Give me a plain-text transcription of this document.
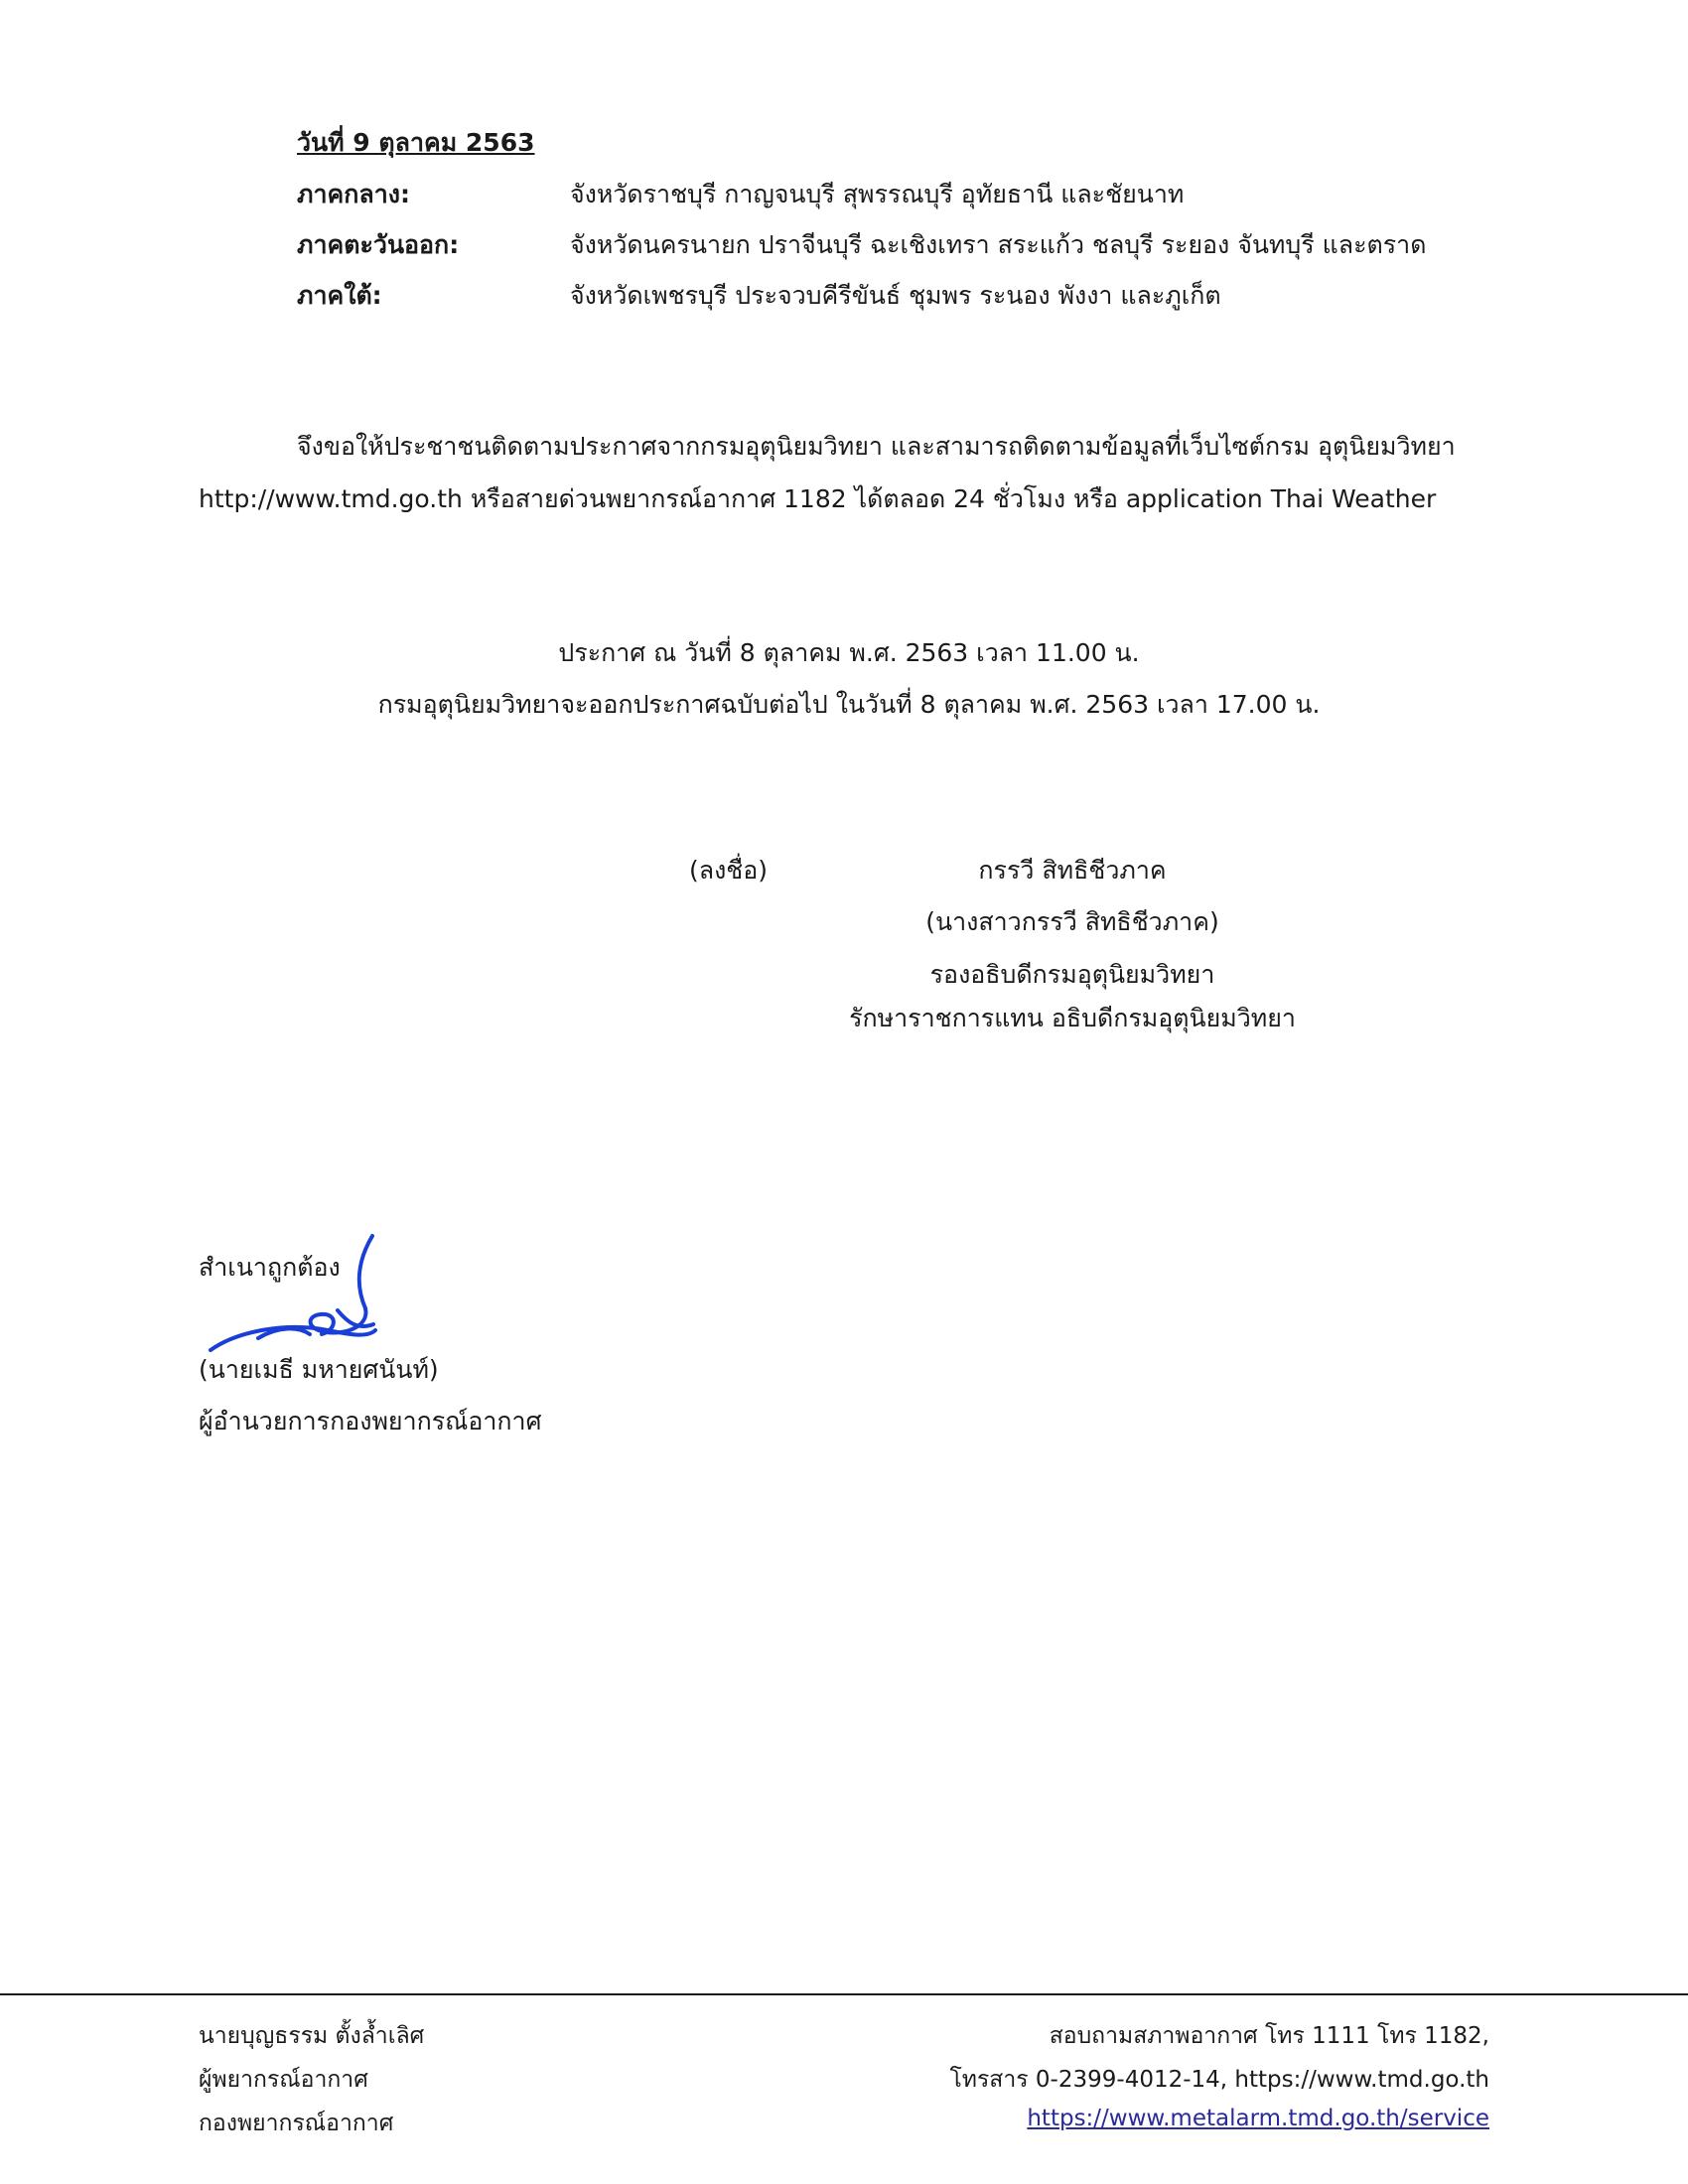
วันที่ 9 ตุลาคม 2563
ภาคกลาง:	จังหวัดราชบุรี กาญจนบุรี สุพรรณบุรี อุทัยธานี และชัยนาท
ภาคตะวันออก:	จังหวัดนครนายก ปราจีนบุรี ฉะเชิงเทรา สระแก้ว ชลบุรี ระยอง จันทบุรี และตราด
ภาคใต้:	จังหวัดเพชรบุรี ประจวบคีรีขันธ์ ชุมพร ระนอง พังงา และภูเก็ต
จึงขอให้ประชาชนติดตามประกาศจากกรมอุตุนิยมวิทยา และสามารถติดตามข้อมูลที่เว็บไซต์กรม อุตุนิยมวิทยา
http://www.tmd.go.th หรือสายด่วนพยากรณ์อากาศ 1182 ได้ตลอด 24 ชั่วโมง หรือ application Thai Weather
ประกาศ ณ วันที่ 8 ตุลาคม พ.ศ. 2563 เวลา 11.00 น.
กรมอุตุนิยมวิทยาจะออกประกาศฉบับต่อไป ในวันที่ 8 ตุลาคม พ.ศ. 2563 เวลา 17.00 น.
(ลงชื่อ)	กรรวี สิทธิชีวภาค
(นางสาวกรรวี สิทธิชีวภาค)
รองอธิบดีกรมอุตุนิยมวิทยา
รักษาราชการแทน อธิบดีกรมอุตุนิยมวิทยา
สำเนาถูกต้อง
(นายเมธี มหายศนันท์)
ผู้อำนวยการกองพยากรณ์อากาศ
นายบุญธรรม ตั้งล้ำเลิศ
ผู้พยากรณ์อากาศ
กองพยากรณ์อากาศ
สอบถามสภาพอากาศ โทร 1111 โทร 1182,
โทรสาร 0-2399-4012-14, https://www.tmd.go.th
https://www.metalarm.tmd.go.th/service
